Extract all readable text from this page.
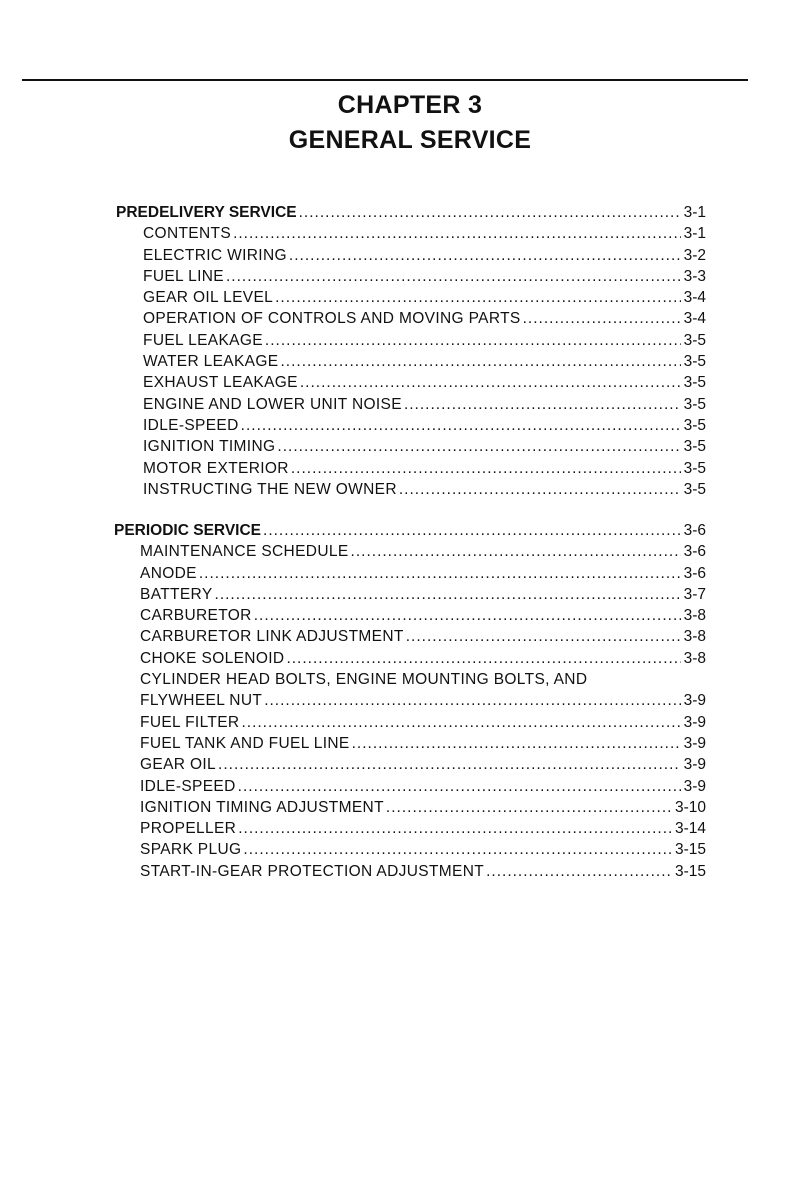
CHAPTER 3
GENERAL SERVICE
PREDELIVERY SERVICE .....	3-1
CONTENTS .....	3-1
ELECTRIC WIRING .....	3-2
FUEL LINE .....	3-3
GEAR OIL LEVEL .....	3-4
OPERATION OF CONTROLS AND MOVING PARTS .....	3-4
FUEL LEAKAGE .....	3-5
WATER LEAKAGE .....	3-5
EXHAUST LEAKAGE .....	3-5
ENGINE AND LOWER UNIT NOISE .....	3-5
IDLE-SPEED .....	3-5
IGNITION TIMING .....	3-5
MOTOR EXTERIOR .....	3-5
INSTRUCTING THE NEW OWNER .....	3-5
PERIODIC SERVICE .....	3-6
MAINTENANCE SCHEDULE .....	3-6
ANODE .....	3-6
BATTERY .....	3-7
CARBURETOR .....	3-8
CARBURETOR LINK ADJUSTMENT .....	3-8
CHOKE SOLENOID .....	3-8
CYLINDER HEAD BOLTS, ENGINE MOUNTING BOLTS, AND
FLYWHEEL NUT .....	3-9
FUEL FILTER .....	3-9
FUEL TANK AND FUEL LINE .....	3-9
GEAR OIL .....	3-9
IDLE-SPEED .....	3-9
IGNITION TIMING ADJUSTMENT .....	3-10
PROPELLER .....	3-14
SPARK PLUG .....	3-15
START-IN-GEAR PROTECTION ADJUSTMENT .....	3-15
